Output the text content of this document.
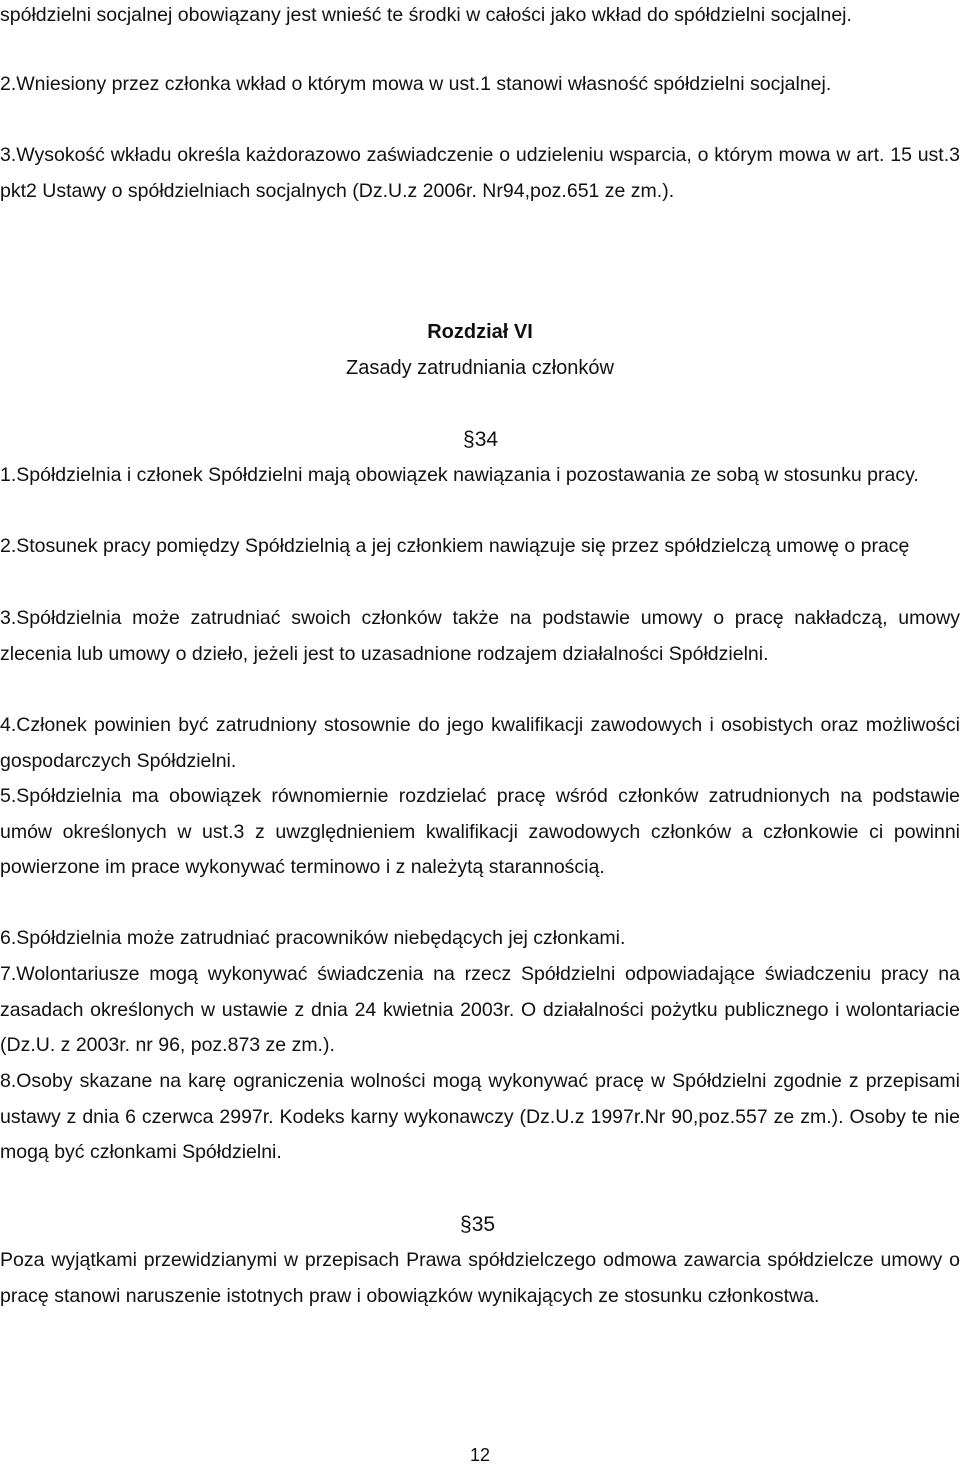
spółdzielni socjalnej obowiązany jest wnieść te środki w całości jako wkład do spółdzielni socjalnej.

2.Wniesiony przez członka wkład o którym mowa w ust.1 stanowi własność spółdzielni socjalnej.

3.Wysokość wkładu określa każdorazowo zaświadczenie o udzieleniu wsparcia, o którym mowa w art. 15 ust.3 pkt2 Ustawy o spółdzielniach socjalnych (Dz.U.z 2006r. Nr94,poz.651 ze zm.).

Rozdział VI

Zasady zatrudniania członków

§34

1.Spółdzielnia i członek Spółdzielni mają obowiązek nawiązania i pozostawania ze sobą w stosunku pracy.

2.Stosunek pracy pomiędzy Spółdzielnią a jej członkiem nawiązuje się przez spółdzielczą umowę o pracę

3.Spółdzielnia może zatrudniać swoich członków także na podstawie umowy o pracę nakładczą, umowy zlecenia lub umowy o dzieło, jeżeli jest to uzasadnione rodzajem działalności Spółdzielni.

4.Członek powinien być zatrudniony stosownie do jego kwalifikacji zawodowych i osobistych oraz możliwości gospodarczych Spółdzielni.

5.Spółdzielnia ma obowiązek równomiernie rozdzielać pracę wśród członków zatrudnionych na podstawie umów określonych w ust.3 z uwzględnieniem kwalifikacji zawodowych członków a członkowie ci powinni powierzone im prace wykonywać terminowo i z należytą starannością.

6.Spółdzielnia może zatrudniać pracowników niebędących jej członkami.

7.Wolontariusze mogą wykonywać świadczenia na rzecz Spółdzielni odpowiadające świadczeniu pracy na zasadach określonych w ustawie z dnia 24 kwietnia 2003r. O działalności pożytku publicznego i wolontariacie (Dz.U. z 2003r. nr 96, poz.873 ze zm.).

8.Osoby skazane na karę ograniczenia wolności mogą wykonywać pracę w Spółdzielni zgodnie z przepisami ustawy z dnia 6 czerwca 2997r. Kodeks karny wykonawczy (Dz.U.z 1997r.Nr 90,poz.557 ze zm.). Osoby te nie mogą być członkami Spółdzielni.

§35

Poza wyjątkami przewidzianymi w przepisach Prawa spółdzielczego odmowa zawarcia spółdzielcze umowy o pracę stanowi naruszenie istotnych praw i obowiązków wynikających ze stosunku członkostwa.

12
